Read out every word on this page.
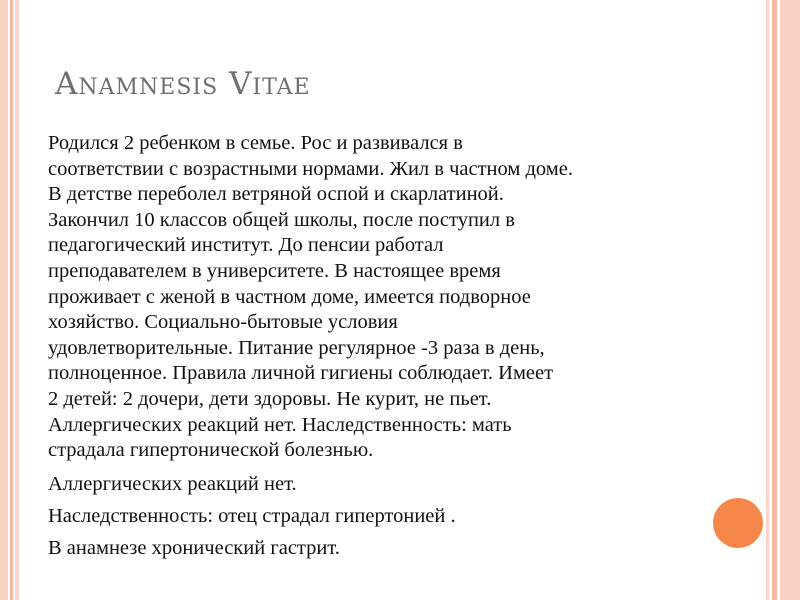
Anamnesis Vitae

Родился 2 ребенком в семье. Рос и развивался в
соответствии с возрастными нормами. Жил в частном доме.
В детстве переболел ветряной оспой и скарлатиной.
Закончил 10 классов общей школы, после поступил в
педагогический институт. До пенсии работал
преподавателем в университете. В настоящее время
проживает с женой в частном доме, имеется подворное
хозяйство. Социально-бытовые условия
удовлетворительные. Питание регулярное -3 раза в день,
полноценное. Правила личной гигиены соблюдает. Имеет
2 детей: 2 дочери, дети здоровы. Не курит, не пьет.
Аллергических реакций нет. Наследственность: мать
страдала гипертонической болезнью.

Аллергических реакций нет.

Наследственность: отец страдал гипертонией .

В анамнезе хронический гастрит.
